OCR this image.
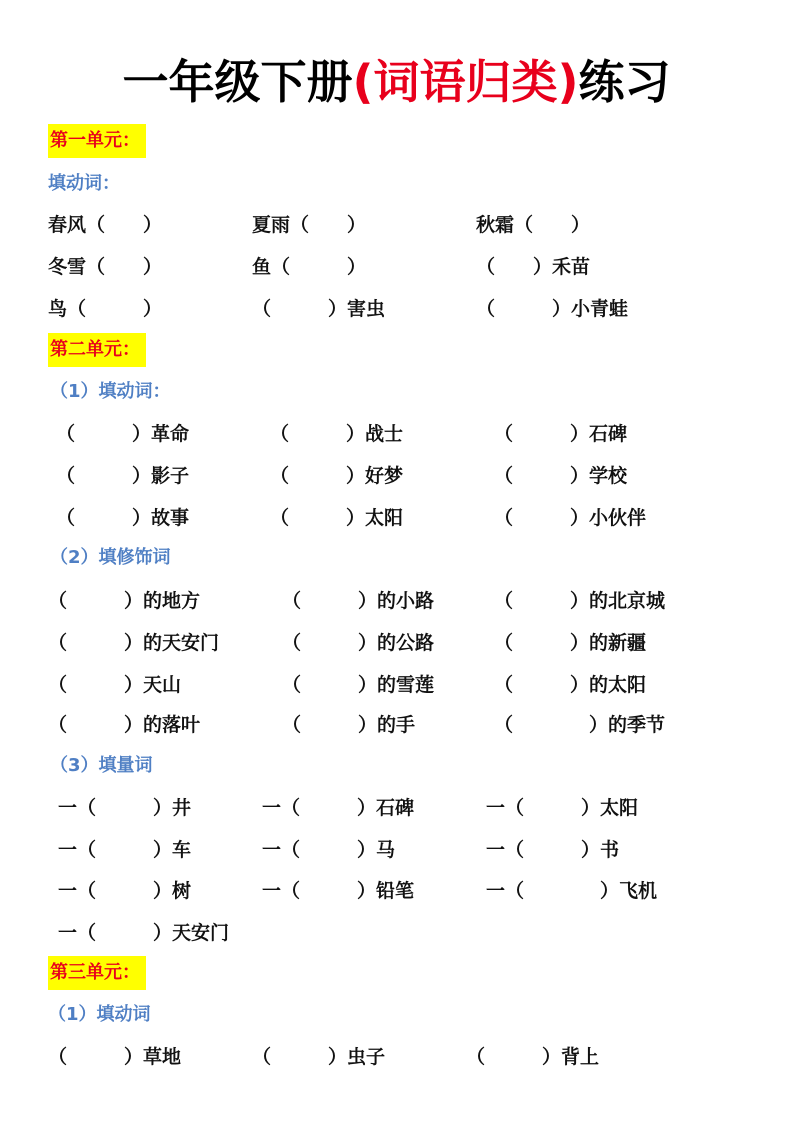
一年级下册(词语归类)练习
第一单元：
填动词：
春风（　　）	夏雨（　　）	秋霜（　　）
冬雪（　　）	鱼（　　　）	（　　）禾苗
鸟（　　　）	（　　　）害虫	（　　　）小青蛙
第二单元：
（1）填动词：
（　　　）革命	（　　　）战士	（　　　）石碑
（　　　）影子	（　　　）好梦	（　　　）学校
（　　　）故事	（　　　）太阳	（　　　）小伙伴
（2）填修饰词
（　　　）的地方	（　　　）的小路	（　　　）的北京城
（　　　）的天安门	（　　　）的公路	（　　　）的新疆
（　　　）天山	（　　　）的雪莲	（　　　）的太阳
（　　　）的落叶	（　　　）的手	（　　　　）的季节
（3）填量词
一（　　　）井	一（　　　）石碑	一（　　　）太阳
一（　　　）车	一（　　　）马	一（　　　）书
一（　　　）树	一（　　　）铅笔	一（　　　　）飞机
一（　　　）天安门
第三单元：
（1）填动词
（　　　）草地	（　　　）虫子	（　　　）背上
